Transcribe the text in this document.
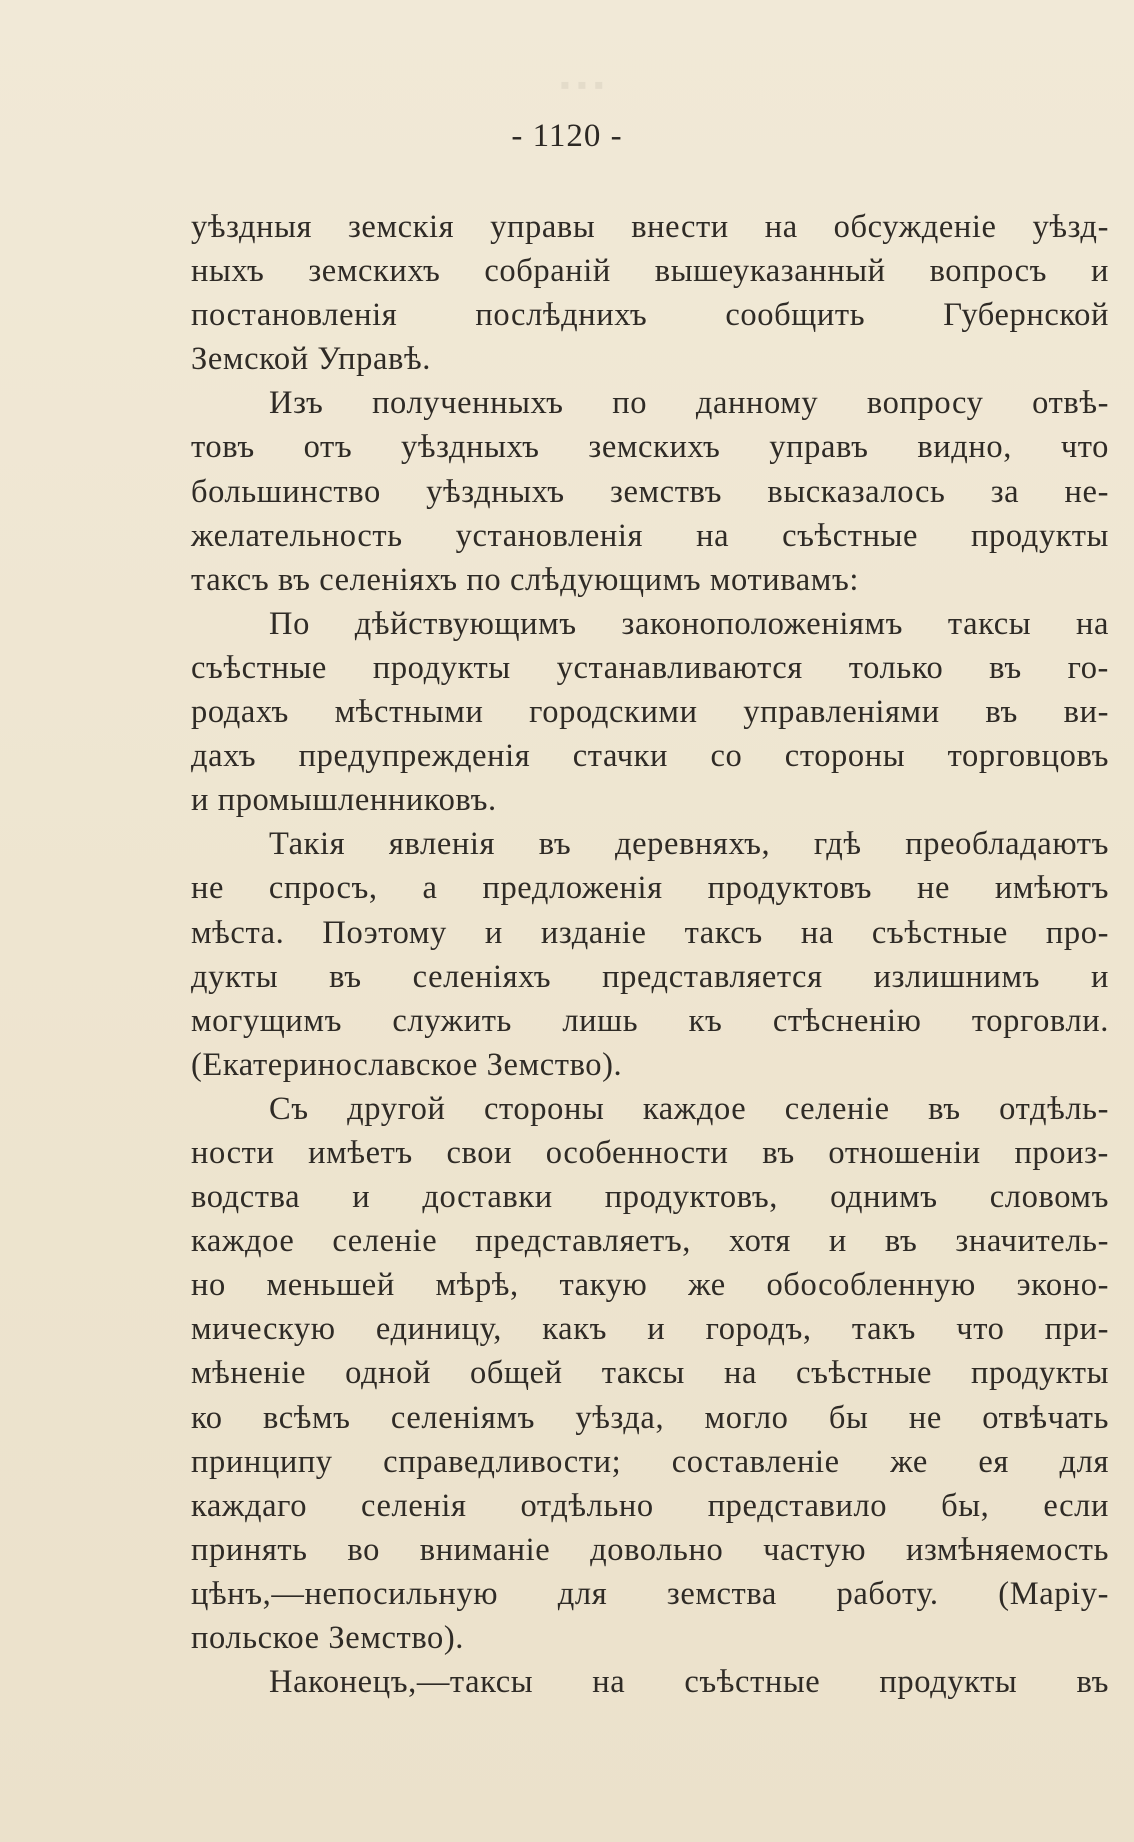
▪ ▪ ▪
- 1120 -
уѣздныя земскія управы внести на обсужденіе уѣзд-
ныхъ земскихъ собраній вышеуказанный вопросъ и
постановленія послѣднихъ сообщить Губернской
Земской Управѣ.
Изъ полученныхъ по данному вопросу отвѣ-
товъ отъ уѣздныхъ земскихъ управъ видно, что
большинство уѣздныхъ земствъ высказалось за не-
желательность установленія на съѣстные продукты
таксъ въ селеніяхъ по слѣдующимъ мотивамъ:
По дѣйствующимъ законоположеніямъ таксы на
съѣстные продукты устанавливаются только въ го-
родахъ мѣстными городскими управленіями въ ви-
дахъ предупрежденія стачки со стороны торговцовъ
и промышленниковъ.
Такія явленія въ деревняхъ, гдѣ преобладаютъ
не спросъ, а предложенія продуктовъ не имѣютъ
мѣста. Поэтому и изданіе таксъ на съѣстные про-
дукты въ селеніяхъ представляется излишнимъ и
могущимъ служить лишь къ стѣсненію торговли.
(Екатеринославское Земство).
Съ другой стороны каждое селеніе въ отдѣль-
ности имѣетъ свои особенности въ отношеніи произ-
водства и доставки продуктовъ, однимъ словомъ
каждое селеніе представляетъ, хотя и въ значитель-
но меньшей мѣрѣ, такую же обособленную эконо-
мическую единицу, какъ и городъ, такъ что при-
мѣненіе одной общей таксы на съѣстные продукты
ко всѣмъ селеніямъ уѣзда, могло бы не отвѣчать
принципу справедливости; составленіе же ея для
каждаго селенія отдѣльно представило бы, если
принять во вниманіе довольно частую измѣняемость
цѣнъ,—непосильную для земства работу. (Маріу-
польское Земство).
Наконецъ,—таксы на съѣстные продукты въ
